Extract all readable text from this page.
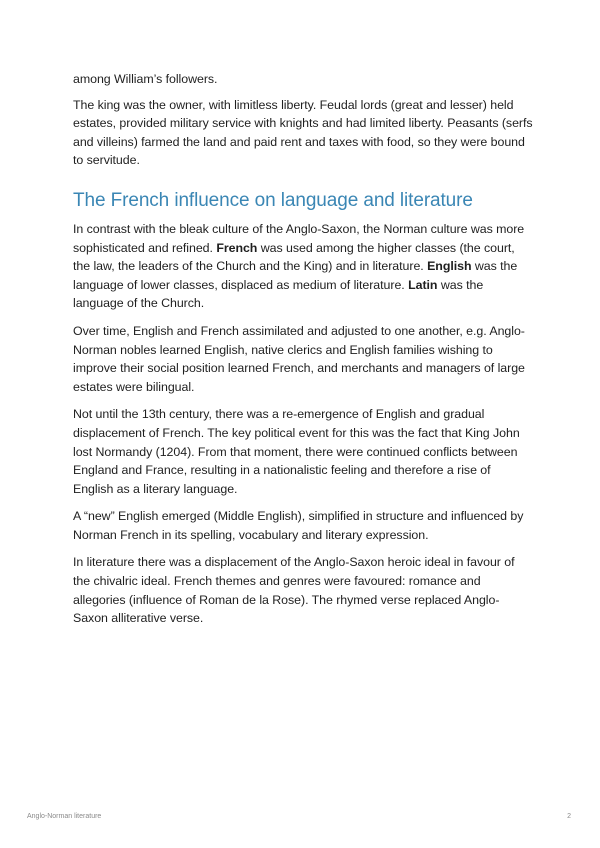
among William’s followers.

The king was the owner, with limitless liberty. Feudal lords (great and lesser) held estates, provided military service with knights and had limited liberty. Peasants (serfs and villeins) farmed the land and paid rent and taxes with food, so they were bound to servitude.

The French influence on language and literature

In contrast with the bleak culture of the Anglo-Saxon, the Norman culture was more sophisticated and refined. French was used among the higher classes (the court, the law, the leaders of the Church and the King) and in literature. English was the language of lower classes, displaced as medium of literature. Latin was the language of the Church.

Over time, English and French assimilated and adjusted to one another, e.g. Anglo-Norman nobles learned English, native clerics and English families wishing to improve their social position learned French, and merchants and managers of large estates were bilingual.

Not until the 13th century, there was a re-emergence of English and gradual displacement of French. The key political event for this was the fact that King John lost Normandy (1204). From that moment, there were continued conflicts between England and France, resulting in a nationalistic feeling and therefore a rise of English as a literary language.

A “new” English emerged (Middle English), simplified in structure and influenced by Norman French in its spelling, vocabulary and literary expression.

In literature there was a displacement of the Anglo-Saxon heroic ideal in favour of the chivalric ideal. French themes and genres were favoured: romance and allegories (influence of Roman de la Rose). The rhymed verse replaced Anglo-Saxon alliterative verse.

Anglo-Norman literature	2
